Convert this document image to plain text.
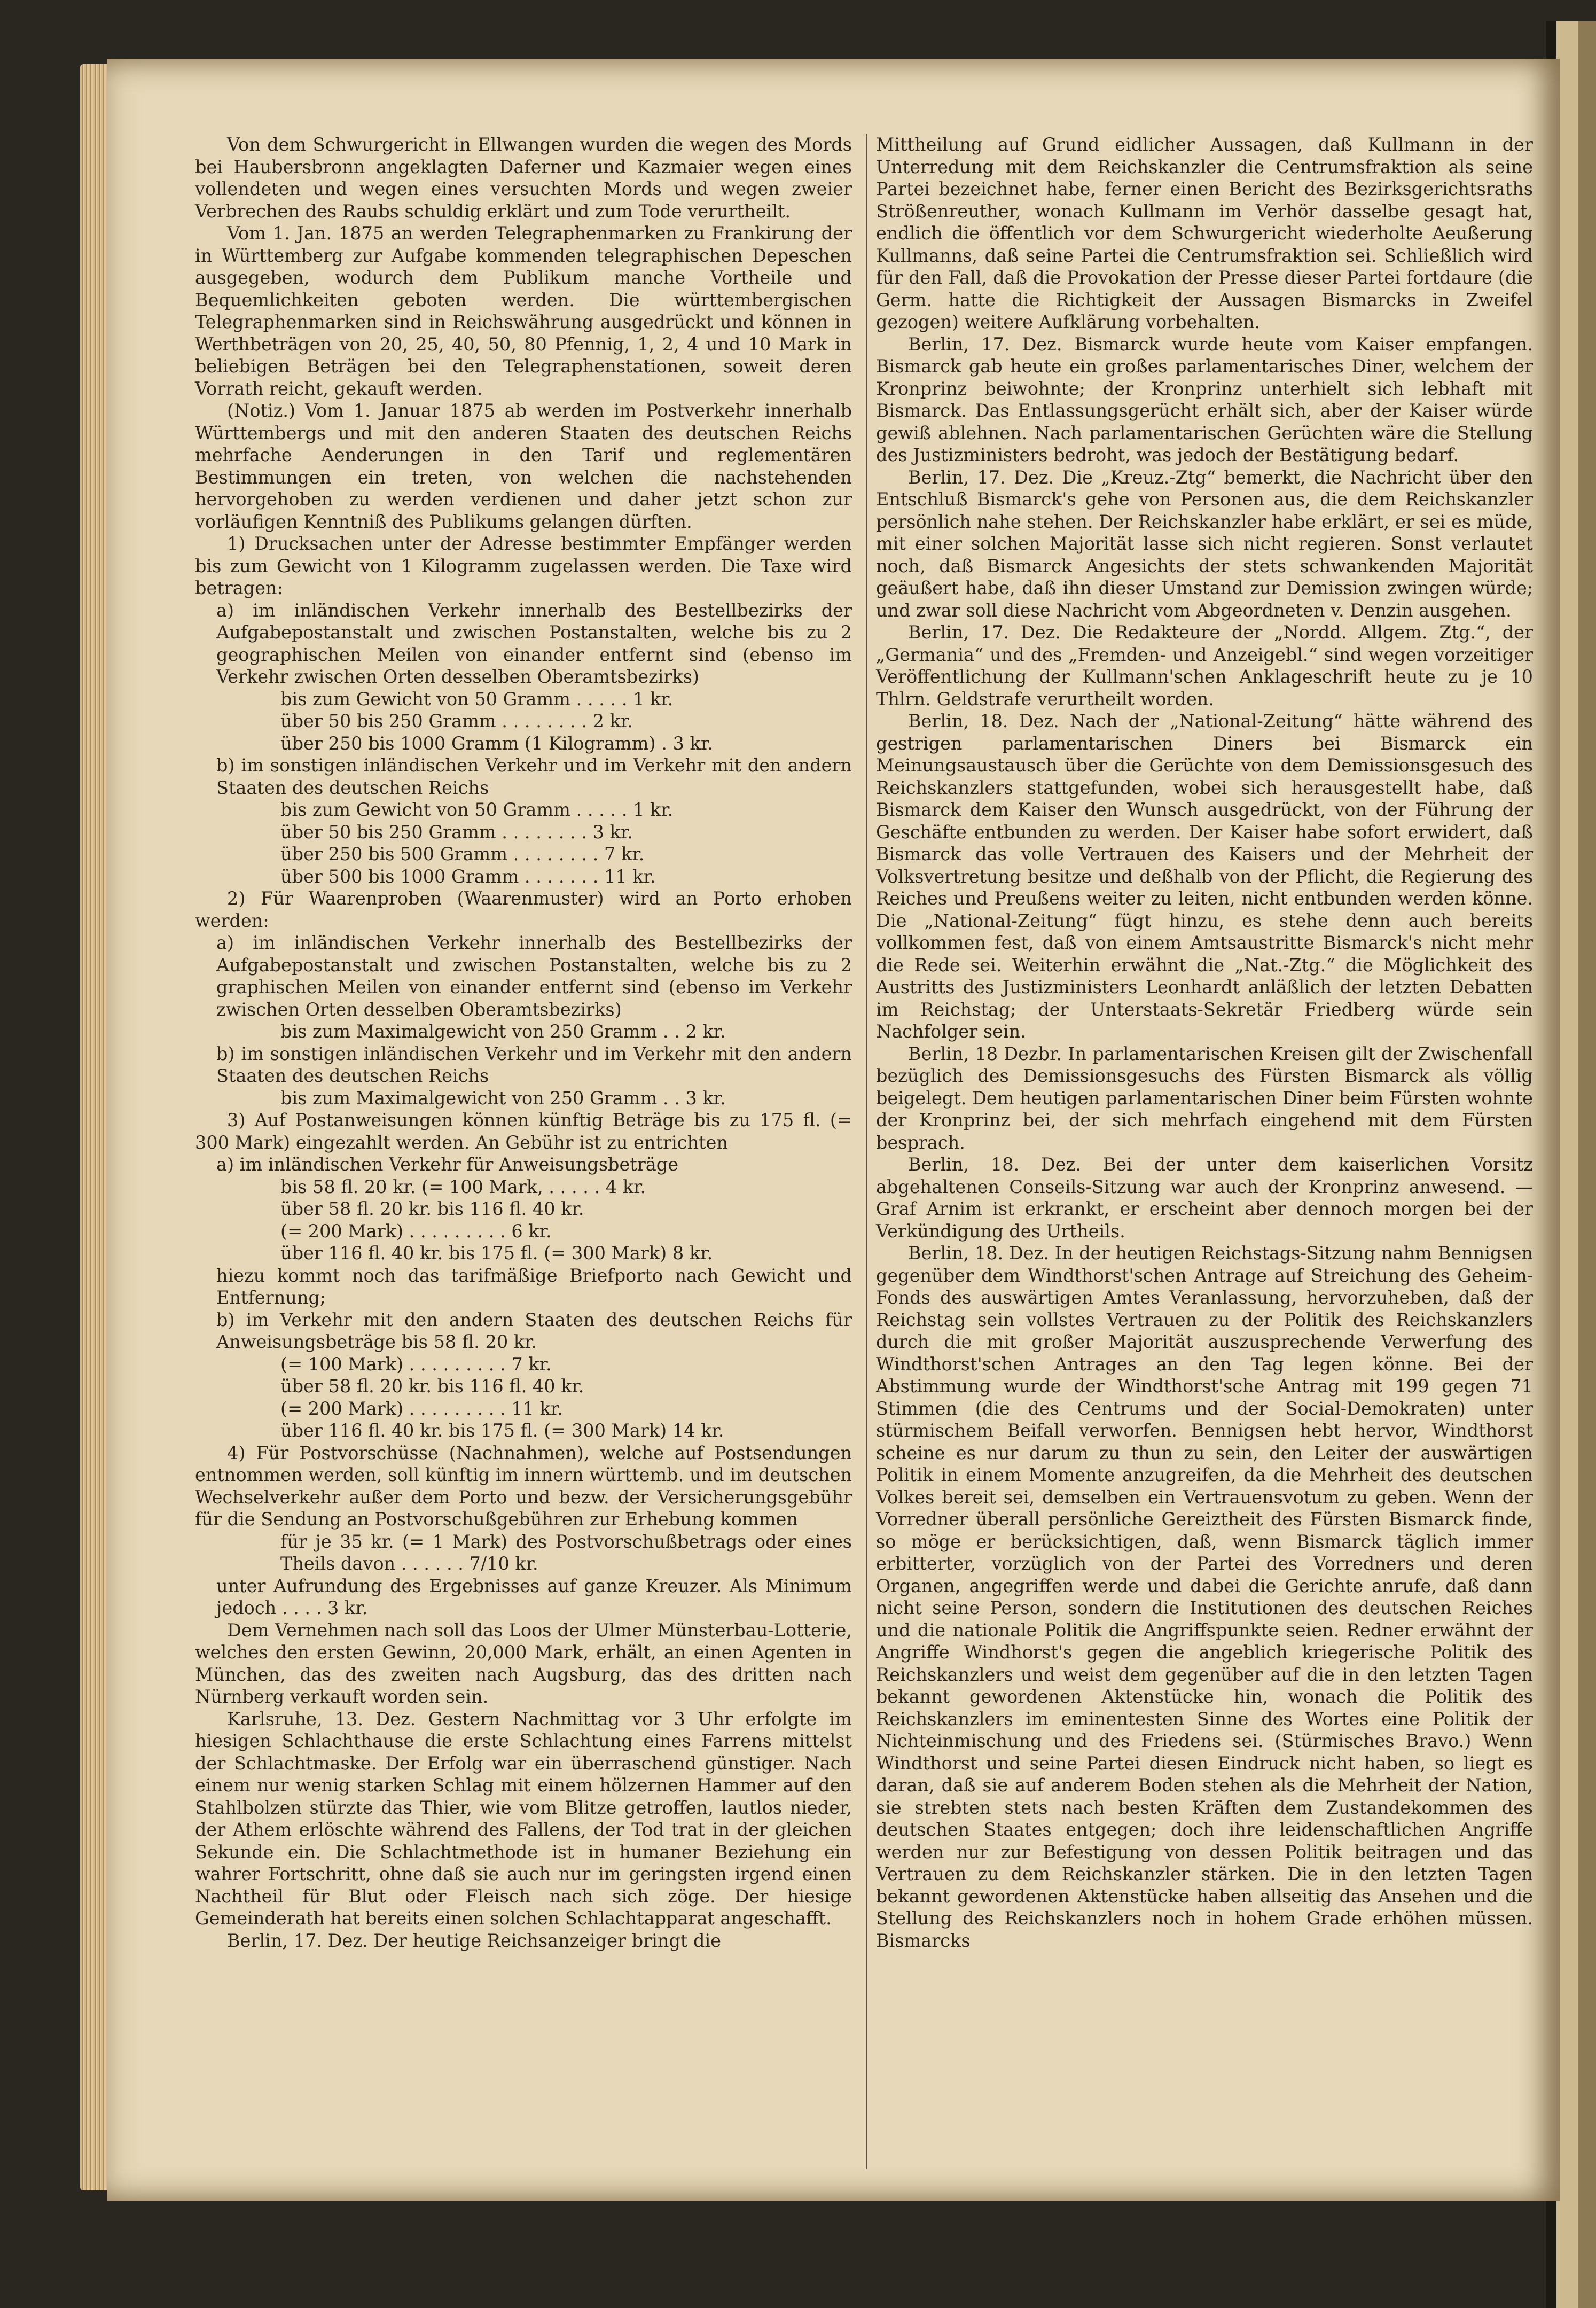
Von dem Schwurgericht in Ellwangen wurden die wegen des Mords bei Haubersbronn angeklagten Daferner und Kazmaier wegen eines vollendeten und wegen eines versuchten Mords und wegen zweier Verbrechen des Raubs schuldig erklärt und zum Tode verurtheilt.

Vom 1. Jan. 1875 an werden Telegraphenmarken zu Frankirung der in Württemberg zur Aufgabe kommenden telegraphischen Depeschen ausgegeben, wodurch dem Publikum manche Vortheile und Bequemlichkeiten geboten werden. Die württembergischen Telegraphenmarken sind in Reichswährung ausgedrückt und können in Werthbeträgen von 20, 25, 40, 50, 80 Pfennig, 1, 2, 4 und 10 Mark in beliebigen Beträgen bei den Telegraphenstationen, soweit deren Vorrath reicht, gekauft werden.

(Notiz.) Vom 1. Januar 1875 ab werden im Postverkehr innerhalb Württembergs und mit den anderen Staaten des deutschen Reichs mehrfache Aenderungen in den Tarif und reglementären Bestimmungen ein treten, von welchen die nachstehenden hervorgehoben zu werden verdienen und daher jetzt schon zur vorläufigen Kenntniß des Publikums gelangen dürften.

1) Drucksachen unter der Adresse bestimmter Empfänger werden bis zum Gewicht von 1 Kilogramm zugelassen werden. Die Taxe wird betragen:

a) im inländischen Verkehr innerhalb des Bestellbezirks der Aufgabepostanstalt und zwischen Postanstalten, welche bis zu 2 geographischen Meilen von einander entfernt sind (ebenso im Verkehr zwischen Orten desselben Oberamtsbezirks)

bis zum Gewicht von 50 Gramm . . . . . 1 kr.

über 50 bis 250 Gramm . . . . . . . . 2 kr.

über 250 bis 1000 Gramm (1 Kilogramm) . 3 kr.

b) im sonstigen inländischen Verkehr und im Verkehr mit den andern Staaten des deutschen Reichs

bis zum Gewicht von 50 Gramm . . . . . 1 kr.

über 50 bis 250 Gramm . . . . . . . . 3 kr.

über 250 bis 500 Gramm . . . . . . . . 7 kr.

über 500 bis 1000 Gramm . . . . . . . 11 kr.

2) Für Waarenproben (Waarenmuster) wird an Porto erhoben werden:

a) im inländischen Verkehr innerhalb des Bestellbezirks der Aufgabepostanstalt und zwischen Postanstalten, welche bis zu 2 graphischen Meilen von einander entfernt sind (ebenso im Verkehr zwischen Orten desselben Oberamtsbezirks)

bis zum Maximalgewicht von 250 Gramm . . 2 kr.

b) im sonstigen inländischen Verkehr und im Verkehr mit den andern Staaten des deutschen Reichs

bis zum Maximalgewicht von 250 Gramm . . 3 kr.

3) Auf Postanweisungen können künftig Beträge bis zu 175 fl. (= 300 Mark) eingezahlt werden. An Gebühr ist zu entrichten

a) im inländischen Verkehr für Anweisungsbeträge

bis 58 fl. 20 kr. (= 100 Mark, . . . . . 4 kr.

über 58 fl. 20 kr. bis 116 fl. 40 kr.

(= 200 Mark) . . . . . . . . . 6 kr.

über 116 fl. 40 kr. bis 175 fl. (= 300 Mark) 8 kr.

hiezu kommt noch das tarifmäßige Briefporto nach Gewicht und Entfernung;

b) im Verkehr mit den andern Staaten des deutschen Reichs für Anweisungsbeträge bis 58 fl. 20 kr.

(= 100 Mark) . . . . . . . . . 7 kr.

über 58 fl. 20 kr. bis 116 fl. 40 kr.

(= 200 Mark) . . . . . . . . . 11 kr.

über 116 fl. 40 kr. bis 175 fl. (= 300 Mark) 14 kr.

4) Für Postvorschüsse (Nachnahmen), welche auf Postsendungen entnommen werden, soll künftig im innern württemb. und im deutschen Wechselverkehr außer dem Porto und bezw. der Versicherungsgebühr für die Sendung an Postvorschußgebühren zur Erhebung kommen

für je 35 kr. (= 1 Mark) des Postvorschußbetrags oder eines Theils davon . . . . . . 7/10 kr.

unter Aufrundung des Ergebnisses auf ganze Kreuzer. Als Minimum jedoch . . . . 3 kr.

Dem Vernehmen nach soll das Loos der Ulmer Münsterbau-Lotterie, welches den ersten Gewinn, 20,000 Mark, erhält, an einen Agenten in München, das des zweiten nach Augsburg, das des dritten nach Nürnberg verkauft worden sein.

Karlsruhe, 13. Dez. Gestern Nachmittag vor 3 Uhr erfolgte im hiesigen Schlachthause die erste Schlachtung eines Farrens mittelst der Schlachtmaske. Der Erfolg war ein überraschend günstiger. Nach einem nur wenig starken Schlag mit einem hölzernen Hammer auf den Stahlbolzen stürzte das Thier, wie vom Blitze getroffen, lautlos nieder, der Athem erlöschte während des Fallens, der Tod trat in der gleichen Sekunde ein. Die Schlachtmethode ist in humaner Beziehung ein wahrer Fortschritt, ohne daß sie auch nur im geringsten irgend einen Nachtheil für Blut oder Fleisch nach sich zöge. Der hiesige Gemeinderath hat bereits einen solchen Schlachtapparat angeschafft.

Berlin, 17. Dez. Der heutige Reichsanzeiger bringt die

Mittheilung auf Grund eidlicher Aussagen, daß Kullmann in der Unterredung mit dem Reichskanzler die Centrumsfraktion als seine Partei bezeichnet habe, ferner einen Bericht des Bezirksgerichtsraths Strößenreuther, wonach Kullmann im Verhör dasselbe gesagt hat, endlich die öffentlich vor dem Schwurgericht wiederholte Aeußerung Kullmanns, daß seine Partei die Centrumsfraktion sei. Schließlich wird für den Fall, daß die Provokation der Presse dieser Partei fortdaure (die Germ. hatte die Richtigkeit der Aussagen Bismarcks in Zweifel gezogen) weitere Aufklärung vorbehalten.

Berlin, 17. Dez. Bismarck wurde heute vom Kaiser empfangen. Bismarck gab heute ein großes parlamentarisches Diner, welchem der Kronprinz beiwohnte; der Kronprinz unterhielt sich lebhaft mit Bismarck. Das Entlassungsgerücht erhält sich, aber der Kaiser würde gewiß ablehnen. Nach parlamentarischen Gerüchten wäre die Stellung des Justizministers bedroht, was jedoch der Bestätigung bedarf.

Berlin, 17. Dez. Die „Kreuz.-Ztg“ bemerkt, die Nachricht über den Entschluß Bismarck's gehe von Personen aus, die dem Reichskanzler persönlich nahe stehen. Der Reichskanzler habe erklärt, er sei es müde, mit einer solchen Majorität lasse sich nicht regieren. Sonst verlautet noch, daß Bismarck Angesichts der stets schwankenden Majorität geäußert habe, daß ihn dieser Umstand zur Demission zwingen würde; und zwar soll diese Nachricht vom Abgeordneten v. Denzin ausgehen.

Berlin, 17. Dez. Die Redakteure der „Nordd. Allgem. Ztg.“, der „Germania“ und des „Fremden- und Anzeigebl.“ sind wegen vorzeitiger Veröffentlichung der Kullmann'schen Anklageschrift heute zu je 10 Thlrn. Geldstrafe verurtheilt worden.

Berlin, 18. Dez. Nach der „National-Zeitung“ hätte während des gestrigen parlamentarischen Diners bei Bismarck ein Meinungsaustausch über die Gerüchte von dem Demissionsgesuch des Reichskanzlers stattgefunden, wobei sich herausgestellt habe, daß Bismarck dem Kaiser den Wunsch ausgedrückt, von der Führung der Geschäfte entbunden zu werden. Der Kaiser habe sofort erwidert, daß Bismarck das volle Vertrauen des Kaisers und der Mehrheit der Volksvertretung besitze und deßhalb von der Pflicht, die Regierung des Reiches und Preußens weiter zu leiten, nicht entbunden werden könne. Die „National-Zeitung“ fügt hinzu, es stehe denn auch bereits vollkommen fest, daß von einem Amtsaustritte Bismarck's nicht mehr die Rede sei. Weiterhin erwähnt die „Nat.-Ztg.“ die Möglichkeit des Austritts des Justizministers Leonhardt anläßlich der letzten Debatten im Reichstag; der Unterstaats-Sekretär Friedberg würde sein Nachfolger sein.

Berlin, 18 Dezbr. In parlamentarischen Kreisen gilt der Zwischenfall bezüglich des Demissionsgesuchs des Fürsten Bismarck als völlig beigelegt. Dem heutigen parlamentarischen Diner beim Fürsten wohnte der Kronprinz bei, der sich mehrfach eingehend mit dem Fürsten besprach.

Berlin, 18. Dez. Bei der unter dem kaiserlichen Vorsitz abgehaltenen Conseils-Sitzung war auch der Kronprinz anwesend. — Graf Arnim ist erkrankt, er erscheint aber dennoch morgen bei der Verkündigung des Urtheils.

Berlin, 18. Dez. In der heutigen Reichstags-Sitzung nahm Bennigsen gegenüber dem Windthorst'schen Antrage auf Streichung des Geheim-Fonds des auswärtigen Amtes Veranlassung, hervorzuheben, daß der Reichstag sein vollstes Vertrauen zu der Politik des Reichskanzlers durch die mit großer Majorität auszusprechende Verwerfung des Windthorst'schen Antrages an den Tag legen könne. Bei der Abstimmung wurde der Windthorst'sche Antrag mit 199 gegen 71 Stimmen (die des Centrums und der Social-Demokraten) unter stürmischem Beifall verworfen. Bennigsen hebt hervor, Windthorst scheine es nur darum zu thun zu sein, den Leiter der auswärtigen Politik in einem Momente anzugreifen, da die Mehrheit des deutschen Volkes bereit sei, demselben ein Vertrauensvotum zu geben. Wenn der Vorredner überall persönliche Gereiztheit des Fürsten Bismarck finde, so möge er berücksichtigen, daß, wenn Bismarck täglich immer erbitterter, vorzüglich von der Partei des Vorredners und deren Organen, angegriffen werde und dabei die Gerichte anrufe, daß dann nicht seine Person, sondern die Institutionen des deutschen Reiches und die nationale Politik die Angriffspunkte seien. Redner erwähnt der Angriffe Windhorst's gegen die angeblich kriegerische Politik des Reichskanzlers und weist dem gegenüber auf die in den letzten Tagen bekannt gewordenen Aktenstücke hin, wonach die Politik des Reichskanzlers im eminentesten Sinne des Wortes eine Politik der Nichteinmischung und des Friedens sei. (Stürmisches Bravo.) Wenn Windthorst und seine Partei diesen Eindruck nicht haben, so liegt es daran, daß sie auf anderem Boden stehen als die Mehrheit der Nation, sie strebten stets nach besten Kräften dem Zustandekommen des deutschen Staates entgegen; doch ihre leidenschaftlichen Angriffe werden nur zur Befestigung von dessen Politik beitragen und das Vertrauen zu dem Reichskanzler stärken. Die in den letzten Tagen bekannt gewordenen Aktenstücke haben allseitig das Ansehen und die Stellung des Reichskanzlers noch in hohem Grade erhöhen müssen. Bismarcks
